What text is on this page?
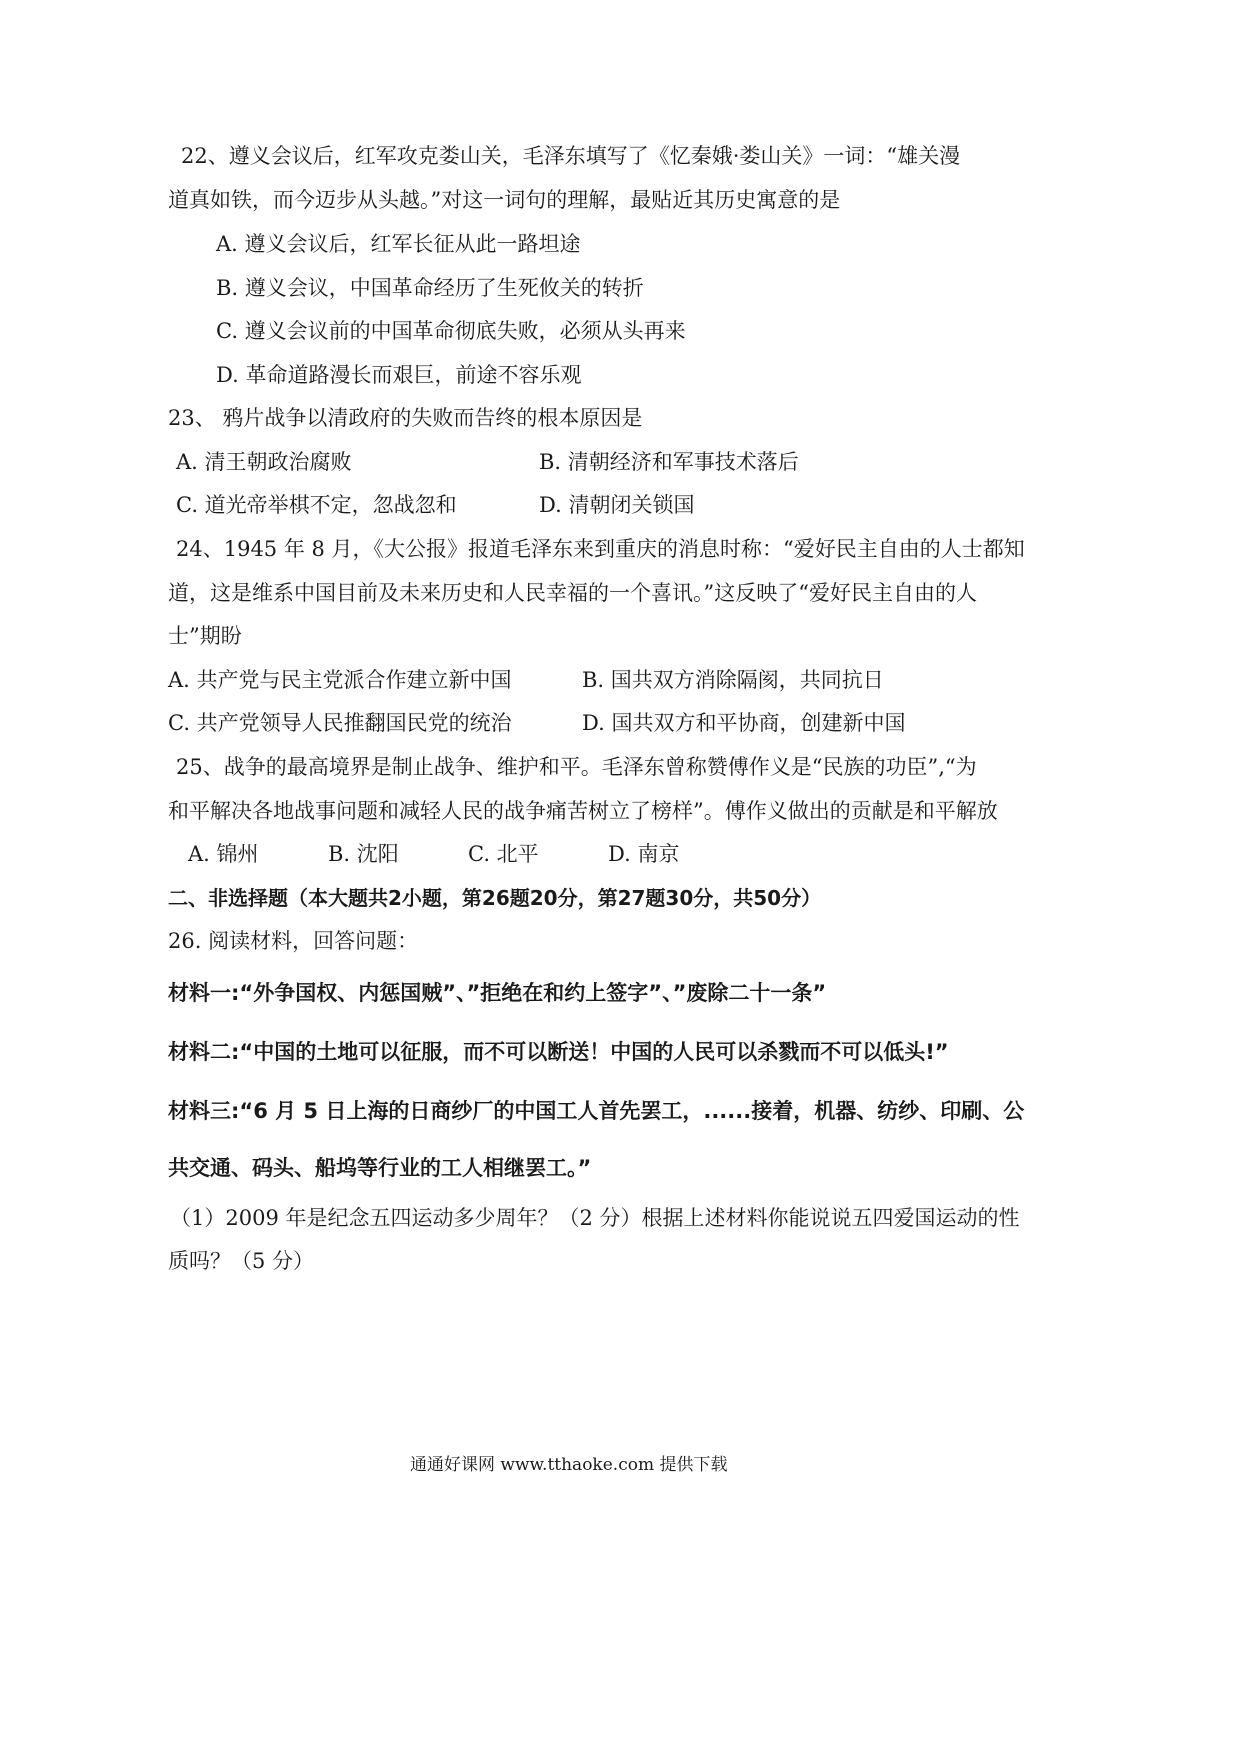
22、遵义会议后，红军攻克娄山关，毛泽东填写了《忆秦娥·娄山关》一词：“雄关漫
道真如铁，而今迈步从头越。”对这一词句的理解，最贴近其历史寓意的是
A. 遵义会议后，红军长征从此一路坦途
B. 遵义会议，中国革命经历了生死攸关的转折
C. 遵义会议前的中国革命彻底失败，必须从头再来
D. 革命道路漫长而艰巨，前途不容乐观
23、 鸦片战争以清政府的失败而告终的根本原因是
A. 清王朝政治腐败	B. 清朝经济和军事技术落后
C. 道光帝举棋不定，忽战忽和	D. 清朝闭关锁国
24、1945 年 8 月，《大公报》报道毛泽东来到重庆的消息时称：“爱好民主自由的人士都知
道，这是维系中国目前及未来历史和人民幸福的一个喜讯。”这反映了“爱好民主自由的人
士”期盼
A. 共产党与民主党派合作建立新中国	B. 国共双方消除隔阂，共同抗日
C. 共产党领导人民推翻国民党的统治	D. 国共双方和平协商，创建新中国
25、战争的最高境界是制止战争、维护和平。毛泽东曾称赞傅作义是“民族的功臣”,“为
和平解决各地战事问题和减轻人民的战争痛苦树立了榜样”。傅作义做出的贡献是和平解放
A. 锦州	B. 沈阳	C. 北平	D. 南京
二、非选择题（本大题共2小题，第26题20分，第27题30分，共50分）
26. 阅读材料，回答问题：
材料一:“外争国权、内惩国贼”、”拒绝在和约上签字”、”废除二十一条”
材料二:“中国的土地可以征服，而不可以断送！中国的人民可以杀戮而不可以低头!”
材料三:“6 月 5 日上海的日商纱厂的中国工人首先罢工，......接着，机器、纺纱、印刷、公
共交通、码头、船坞等行业的工人相继罢工。”
（1）2009 年是纪念五四运动多少周年？（2 分）根据上述材料你能说说五四爱国运动的性
质吗？（5 分）
通通好课网 www.tthaoke.com 提供下载
